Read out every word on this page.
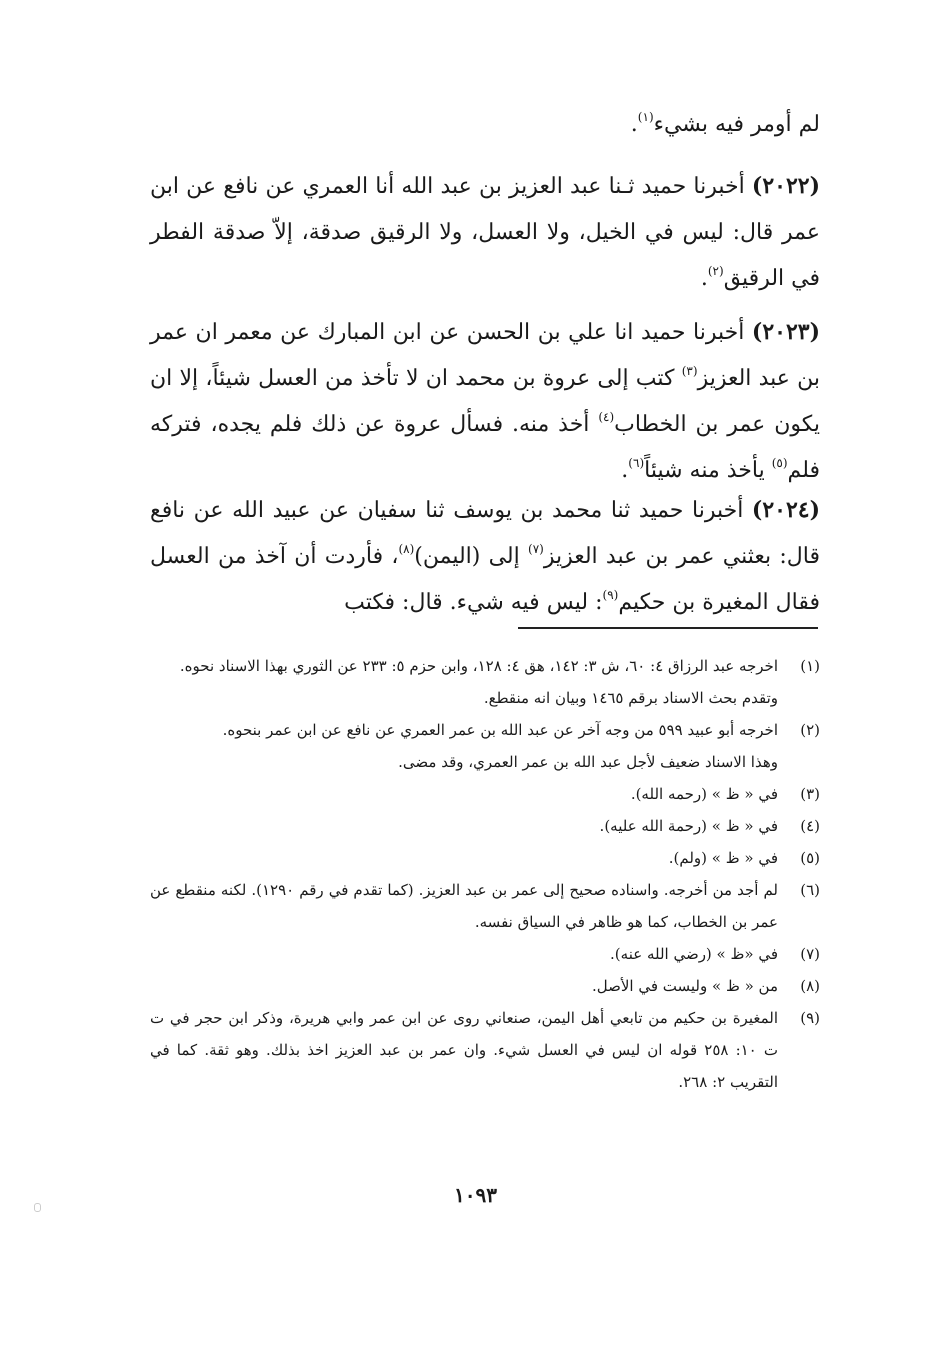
لم أومر فيه بشيء$^{(١)}$.

(٢٠٢٢) أخبرنا حميد ثـنا عبد العزيز بن عبد الله أنا العمري عن نافع عن ابن عمر قال: ليس في الخيل، ولا العسل، ولا الرقيق صدقة، إلاّ صدقة الفطر في الرقيق$^{(٢)}$.

(٢٠٢٣) أخبرنا حميد انا علي بن الحسن عن ابن المبارك عن معمر ان عمر بن عبد العزيز$^{(٣)}$ كتب إلى عروة بن محمد ان لا تأخذ من العسل شيئاً، إلا ان يكون عمر بن الخطاب$^{(٤)}$ أخذ منه. فسأل عروة عن ذلك فلم يجده، فتركه فلم$^{(٥)}$ يأخذ منه شيئاً$^{(٦)}$.

(٢٠٢٤) أخبرنا حميد ثنا محمد بن يوسف ثنا سفيان عن عبيد الله عن نافع قال: بعثني عمر بن عبد العزيز$^{(٧)}$ إلى (اليمن)$^{(٨)}$، فأردت أن آخذ من العسل فقال المغيرة بن حكيم$^{(٩)}$: ليس فيه شيء. قال: فكتب

(١)
اخرجه عبد الرزاق ٤: ٦٠، ش ٣: ١٤٢، هق ٤: ١٢٨، وابن حزم ٥: ٢٣٣ عن الثوري بهذا الاسناد نحوه.
وتقدم بحث الاسناد برقم ١٤٦٥ وبيان انه منقطع.
(٢)
اخرجه أبو عبيد ٥٩٩ من وجه آخر عن عبد الله بن عمر العمري عن نافع عن ابن عمر بنحوه.
وهذا الاسناد ضعيف لأجل عبد الله بن عمر العمري، وقد مضى.
(٣)
في « ظ » (رحمه الله).
(٤)
في « ظ » (رحمة الله عليه).
(٥)
في « ظ » (ولم).
(٦)
لم أجد من أخرجه. واسناده صحيح إلى عمر بن عبد العزيز. (كما تقدم في رقم ١٢٩٠). لكنه منقطع عن عمر بن الخطاب، كما هو ظاهر في السياق نفسه.
(٧)
في «ظ » (رضي الله عنه).
(٨)
من « ظ » وليست في الأصل.
(٩)
المغيرة بن حكيم من تابعي أهل اليمن، صنعاني روى عن ابن عمر وابي هريرة، وذكر ابن حجر في ت ت ١٠: ٢٥٨ قوله ان ليس في العسل شيء. وان عمر بن عبد العزيز اخذ بذلك. وهو ثقة. كما في التقريب ٢: ٢٦٨.
١٠٩٣
